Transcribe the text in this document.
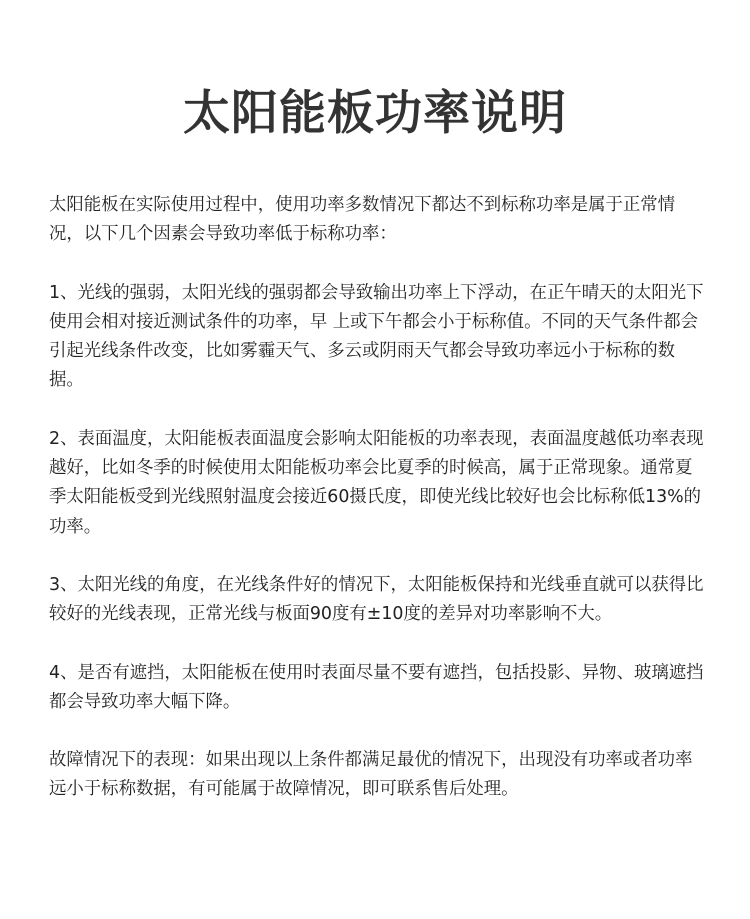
太阳能板功率说明

太阳能板在实际使用过程中，使用功率多数情况下都达不到标称功率是属于正常情况，以下几个因素会导致功率低于标称功率：

1、光线的强弱，太阳光线的强弱都会导致输出功率上下浮动，在正午晴天的太阳光下使用会相对接近测试条件的功率，早 上或下午都会小于标称值。不同的天气条件都会引起光线条件改变，比如雾霾天气、多云或阴雨天气都会导致功率远小于标称的数据。

2、表面温度，太阳能板表面温度会影响太阳能板的功率表现，表面温度越低功率表现越好，比如冬季的时候使用太阳能板功率会比夏季的时候高，属于正常现象。通常夏季太阳能板受到光线照射温度会接近60摄氏度，即使光线比较好也会比标称低13%的功率。

3、太阳光线的角度，在光线条件好的情况下，太阳能板保持和光线垂直就可以获得比较好的光线表现，正常光线与板面90度有±10度的差异对功率影响不大。

4、是否有遮挡，太阳能板在使用时表面尽量不要有遮挡，包括投影、异物、玻璃遮挡都会导致功率大幅下降。

故障情况下的表现：如果出现以上条件都满足最优的情况下，出现没有功率或者功率远小于标称数据，有可能属于故障情况，即可联系售后处理。
